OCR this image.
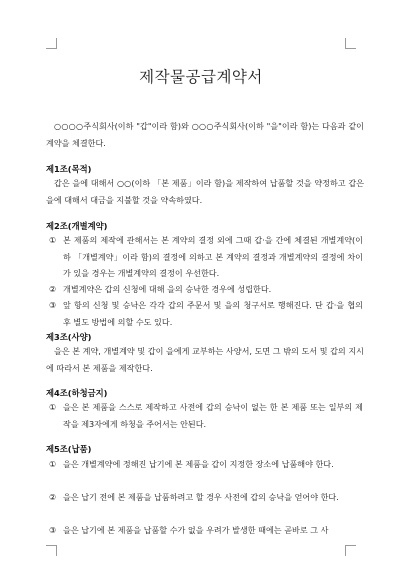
제작물공급계약서
○○○○주식회사(이하 "갑"이라 함)와 ○○○주식회사(이하 "을"이라 함)는 다음과 같이 계약을 체결한다.
제1조(목적)
갑은 을에 대해서 ○○(이하 「본 제품」이라 함)을 제작하여 납품할 것을 약정하고 갑은 을에 대해서 대금을 지불할 것을 약속하였다.
제2조(개별계약)
① 본 제품의 제작에 관해서는 본 계약의 결정 외에 그때 갑·을 간에 체결된 개별계약(이하 「개별계약」이라 함)의 결정에 의하고 본 계약의 결정과 개별계약의 결정에 차이가 있을 경우는 개별계약의 결정이 우선한다.
② 개별계약은 갑의 신청에 대해 을의 승낙한 경우에 성립한다.
③ 앞 항의 신청 및 승낙은 각각 갑의 주문서 및 을의 청구서로 행해진다. 단 갑·을 협의 후 별도 방법에 의할 수도 있다.
제3조(사양)
을은 본 계약, 개별계약 및 갑이 을에게 교부하는 사양서, 도면 그 밖의 도서 및 갑의 지시에 따라서 본 제품을 제작한다.
제4조(하청금지)
① 을은 본 제품을 스스로 제작하고 사전에 갑의 승낙이 없는 한 본 제품 또는 일부의 제작을 제3자에게 하청을 주어서는 안된다.
제5조(납품)
① 을은 개별계약에 정해진 납기에 본 제품을 갑이 지정한 장소에 납품해야 한다.
② 을은 납기 전에 본 제품을 납품하려고 할 경우 사전에 갑의 승낙을 얻어야 한다.
③ 을은 납기에 본 제품을 납품할 수가 없을 우려가 발생한 때에는 곧바로 그 사
